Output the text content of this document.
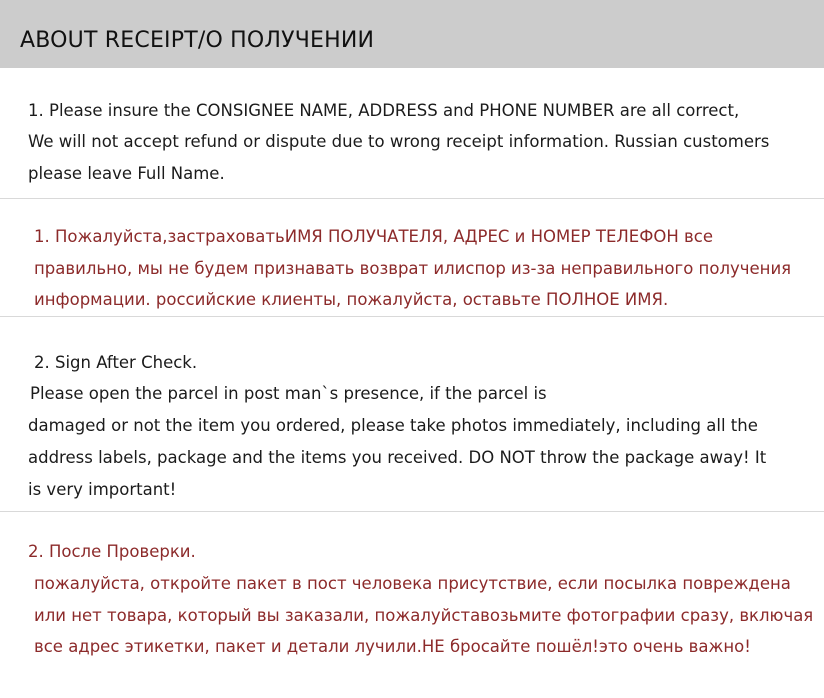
ABOUT RECEIPT/О ПОЛУЧЕНИИ
1. Please insure the CONSIGNEE NAME, ADDRESS and PHONE NUMBER are all correct,
We will not accept refund or dispute due to wrong receipt information. Russian customers
please leave Full Name.
1. Пожалуйста,застраховатьИМЯ ПОЛУЧАТЕЛЯ, АДРЕС и НОМЕР ТЕЛЕФОН все
правильно, мы не будем признавать возврат илиспор из-за неправильного получения
информации. российские клиенты, пожалуйста, оставьте ПОЛНОЕ ИМЯ.
2. Sign After Check.
Please open the parcel in post man`s presence, if the parcel is
damaged or not the item you ordered, please take photos immediately, including all the
address labels, package and the items you received. DO NOT throw the package away! It
is very important!
2. После Проверки.
пожалуйста, откройте пакет в пост человека присутствие, если посылка повреждена
или нет товара, который вы заказали, пожалуйставозьмите фотографии сразу, включая
все адрес этикетки, пакет и детали лучили.НЕ бросайте пошёл!это очень важно!
